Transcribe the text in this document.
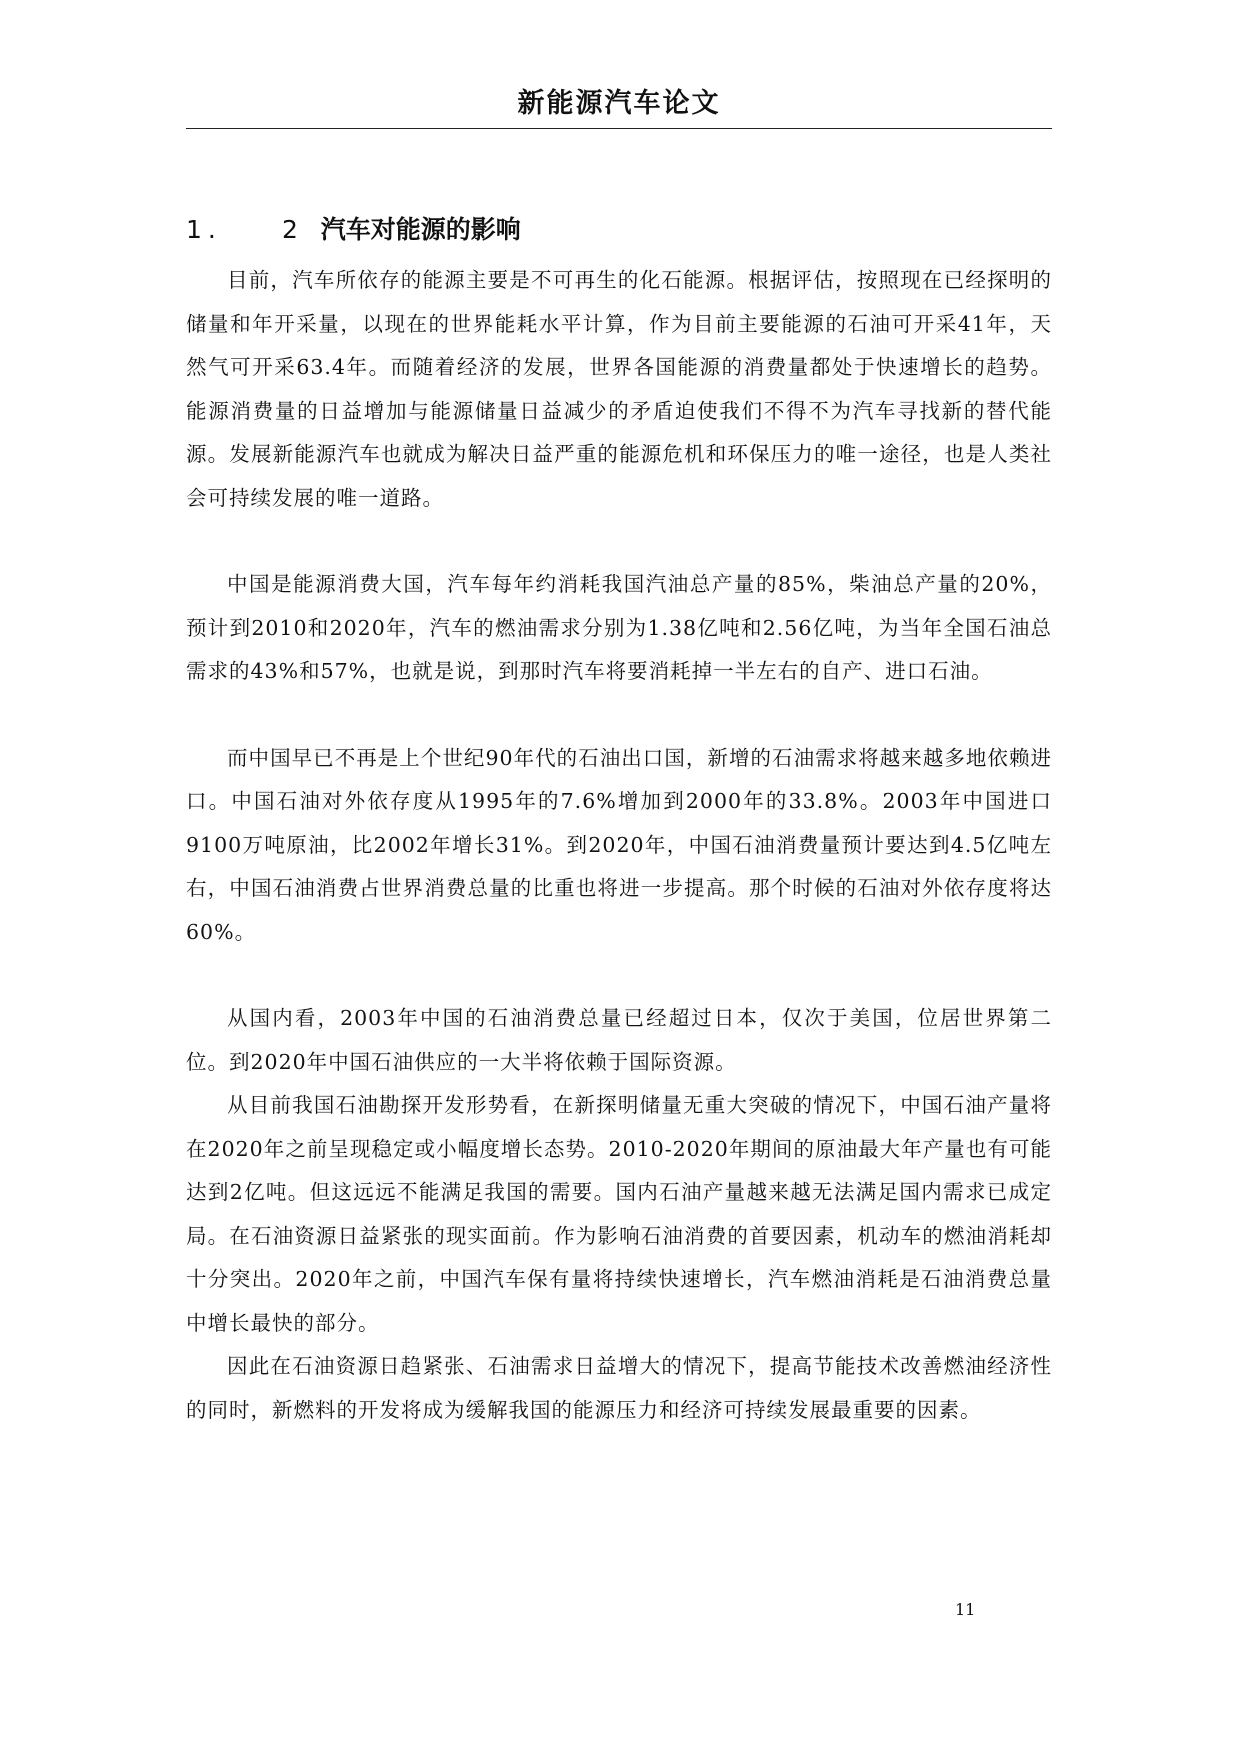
新能源汽车论文
1. 2 汽车对能源的影响

目前，汽车所依存的能源主要是不可再生的化石能源。根据评估，按照现在已经探明的储量和年开采量，以现在的世界能耗水平计算，作为目前主要能源的石油可开采41年，天然气可开采63.4年。而随着经济的发展，世界各国能源的消费量都处于快速增长的趋势。能源消费量的日益增加与能源储量日益减少的矛盾迫使我们不得不为汽车寻找新的替代能源。发展新能源汽车也就成为解决日益严重的能源危机和环保压力的唯一途径，也是人类社会可持续发展的唯一道路。

中国是能源消费大国，汽车每年约消耗我国汽油总产量的85%，柴油总产量的20%，预计到2010和2020年，汽车的燃油需求分别为1.38亿吨和2.56亿吨，为当年全国石油总需求的43%和57%，也就是说，到那时汽车将要消耗掉一半左右的自产、进口石油。

而中国早已不再是上个世纪90年代的石油出口国，新增的石油需求将越来越多地依赖进口。中国石油对外依存度从1995年的7.6%增加到2000年的33.8%。2003年中国进口9100万吨原油，比2002年增长31%。到2020年，中国石油消费量预计要达到4.5亿吨左右，中国石油消费占世界消费总量的比重也将进一步提高。那个时候的石油对外依存度将达60%。

从国内看，2003年中国的石油消费总量已经超过日本，仅次于美国，位居世界第二位。到2020年中国石油供应的一大半将依赖于国际资源。

从目前我国石油勘探开发形势看，在新探明储量无重大突破的情况下，中国石油产量将在2020年之前呈现稳定或小幅度增长态势。2010-2020年期间的原油最大年产量也有可能达到2亿吨。但这远远不能满足我国的需要。国内石油产量越来越无法满足国内需求已成定局。在石油资源日益紧张的现实面前。作为影响石油消费的首要因素，机动车的燃油消耗却十分突出。2020年之前，中国汽车保有量将持续快速增长，汽车燃油消耗是石油消费总量中增长最快的部分。

因此在石油资源日趋紧张、石油需求日益增大的情况下，提高节能技术改善燃油经济性的同时，新燃料的开发将成为缓解我国的能源压力和经济可持续发展最重要的因素。

11
